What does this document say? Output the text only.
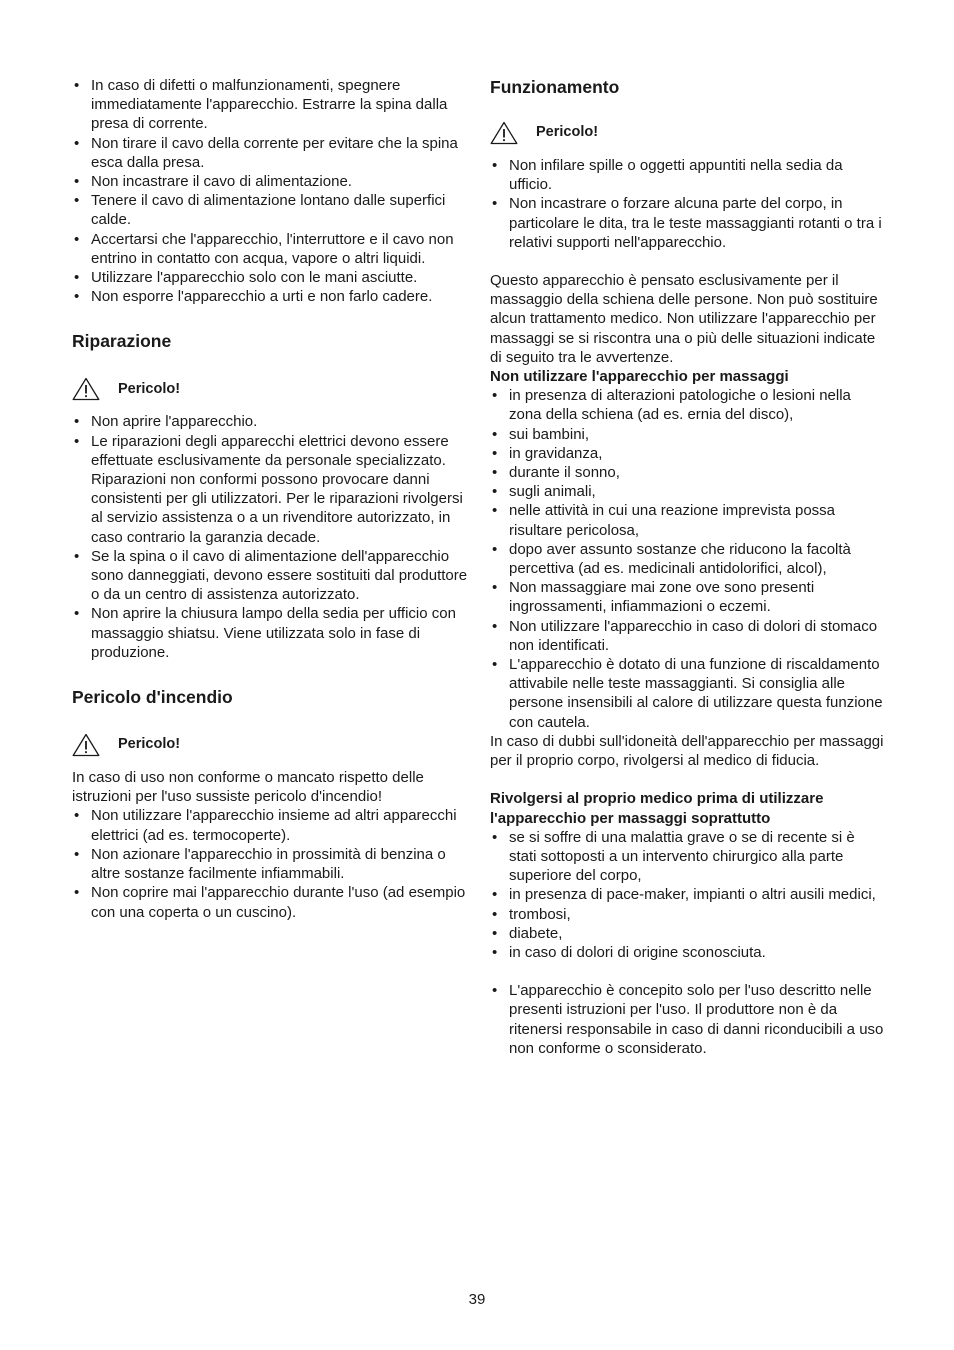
• In caso di difetti o malfunzionamenti, spegnere immediatamente l'apparecchio. Estrarre la spina dalla presa di corrente.
• Non tirare il cavo della corrente per evitare che la spina esca dalla presa.
• Non incastrare il cavo di alimentazione.
• Tenere il cavo di alimentazione lontano dalle superfici calde.
• Accertarsi che l'apparecchio, l'interruttore e il cavo non entrino in contatto con acqua, vapore o altri liquidi.
• Utilizzare l'apparecchio solo con le mani asciutte.
• Non esporre l'apparecchio a urti e non farlo cadere.
Riparazione
Pericolo!
• Non aprire l'apparecchio.
• Le riparazioni degli apparecchi elettrici devono essere effettuate esclusivamente da personale specializzato. Riparazioni non conformi possono provocare danni consistenti per gli utilizzatori. Per le riparazioni rivolgersi al servizio assistenza o a un rivenditore autorizzato, in caso contrario la garanzia decade.
• Se la spina o il cavo di alimentazione dell'apparecchio sono danneggiati, devono essere sostituiti dal produttore o da un centro di assistenza autorizzato.
• Non aprire la chiusura lampo della sedia per ufficio con massaggio shiatsu. Viene utilizzata solo in fase di produzione.
Pericolo d'incendio
Pericolo!

In caso di uso non conforme o mancato rispetto delle istruzioni per l'uso sussiste pericolo d'incendio!

• Non utilizzare l'apparecchio insieme ad altri apparecchi elettrici (ad es. termocoperte).
• Non azionare l'apparecchio in prossimità di benzina o altre sostanze facilmente infiammabili.
• Non coprire mai l'apparecchio durante l'uso (ad esempio con una coperta o un cuscino).
Funzionamento
Pericolo!
• Non infilare spille o oggetti appuntiti nella sedia da ufficio.
• Non incastrare o forzare alcuna parte del corpo, in particolare le dita, tra le teste massaggianti rotanti o tra i relativi supporti nell'apparecchio.

Questo apparecchio è pensato esclusivamente per il massaggio della schiena delle persone. Non può sostituire alcun trattamento medico. Non utilizzare l'apparecchio per massaggi se si riscontra una o più delle situazioni indicate di seguito tra le avvertenze.

Non utilizzare l'apparecchio per massaggi

• in presenza di alterazioni patologiche o lesioni nella zona della schiena (ad es. ernia del disco),
• sui bambini,
• in gravidanza,
• durante il sonno,
• sugli animali,
• nelle attività in cui una reazione imprevista possa risultare pericolosa,
• dopo aver assunto sostanze che riducono la facoltà percettiva (ad es. medicinali antidolorifici, alcol),
• Non massaggiare mai zone ove sono presenti ingrossamenti, infiammazioni o eczemi.
• Non utilizzare l'apparecchio in caso di dolori di stomaco non identificati.
• L'apparecchio è dotato di una funzione di riscaldamento attivabile nelle teste massaggianti. Si consiglia alle persone insensibili al calore di utilizzare questa funzione con cautela.

In caso di dubbi sull'idoneità dell'apparecchio per massaggi per il proprio corpo, rivolgersi al medico di fiducia.

Rivolgersi al proprio medico prima di utilizzare l'apparecchio per massaggi soprattutto

• se si soffre di una malattia grave o se di recente si è stati sottoposti a un intervento chirurgico alla parte superiore del corpo,
• in presenza di pace-maker, impianti o altri ausili medici,
• trombosi,
• diabete,
• in caso di dolori di origine sconosciuta.
• L'apparecchio è concepito solo per l'uso descritto nelle presenti istruzioni per l'uso. Il produttore non è da ritenersi responsabile in caso di danni riconducibili a uso non conforme o sconsiderato.
39
